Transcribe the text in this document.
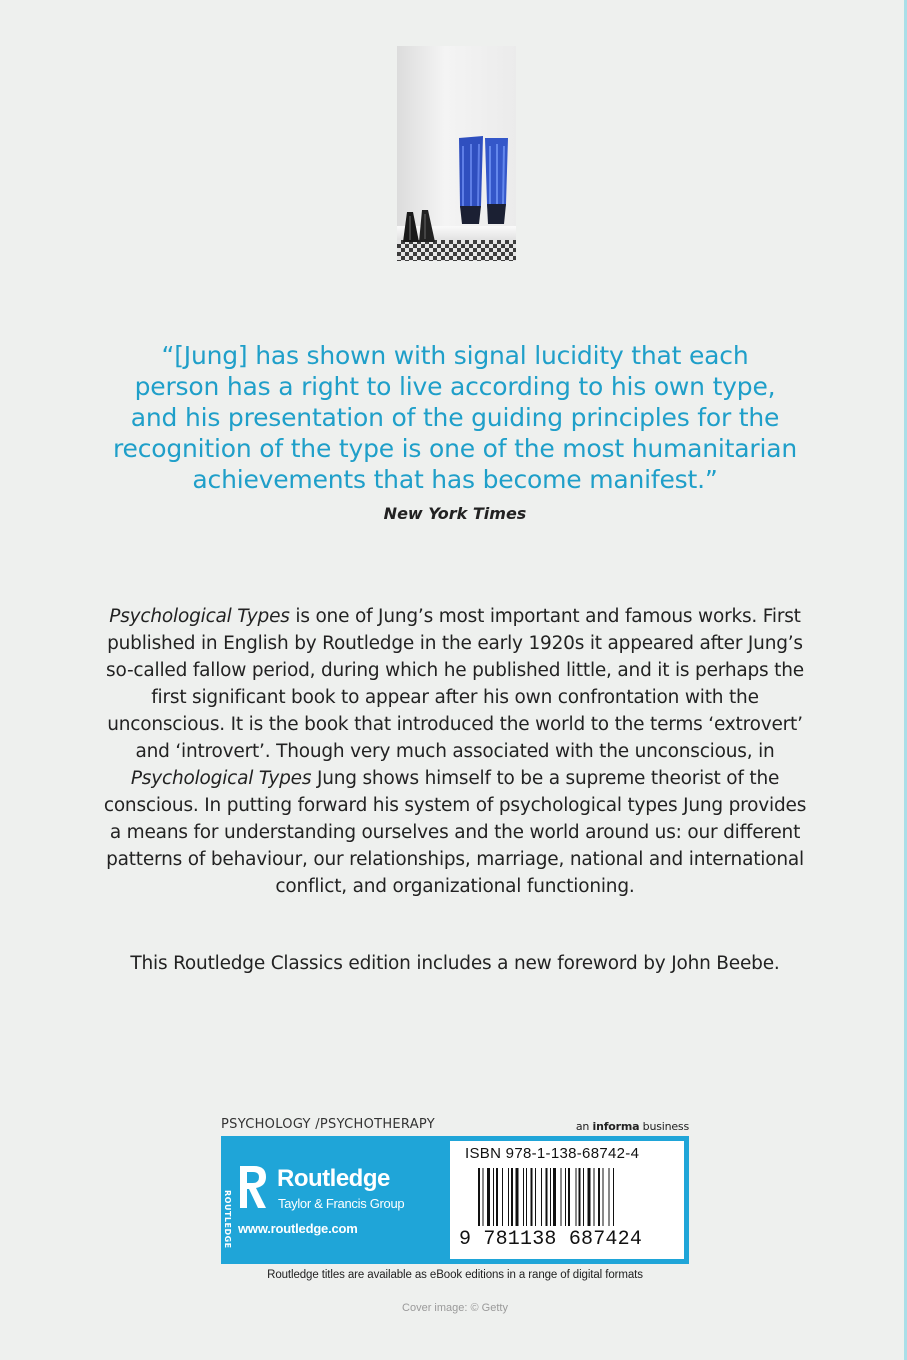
“[Jung] has shown with signal lucidity that each
person has a right to live according to his own type,
and his presentation of the guiding principles for the
recognition of the type is one of the most humanitarian
achievements that has become manifest.”

New York Times

Psychological Types is one of Jung’s most important and famous works. First published in English by Routledge in the early 1920s it appeared after Jung’s so-called fallow period, during which he published little, and it is perhaps the first significant book to appear after his own confrontation with the unconscious. It is the book that introduced the world to the terms ‘extrovert’ and ‘introvert’. Though very much associated with the unconscious, in Psychological Types Jung shows himself to be a supreme theorist of the conscious. In putting forward his system of psychological types Jung provides a means for understanding ourselves and the world around us: our different patterns of behaviour, our relationships, marriage, national and international conflict, and organizational functioning.

This Routledge Classics edition includes a new foreword by John Beebe.

PSYCHOLOGY /PSYCHOTHERAPY	an informa business
ROUTLEDGE
Routledge
Taylor & Francis Group
www.routledge.com
ISBN 978-1-138-68742-4
9 781138 687424
Routledge titles are available as eBook editions in a range of digital formats
Cover image: © Getty
